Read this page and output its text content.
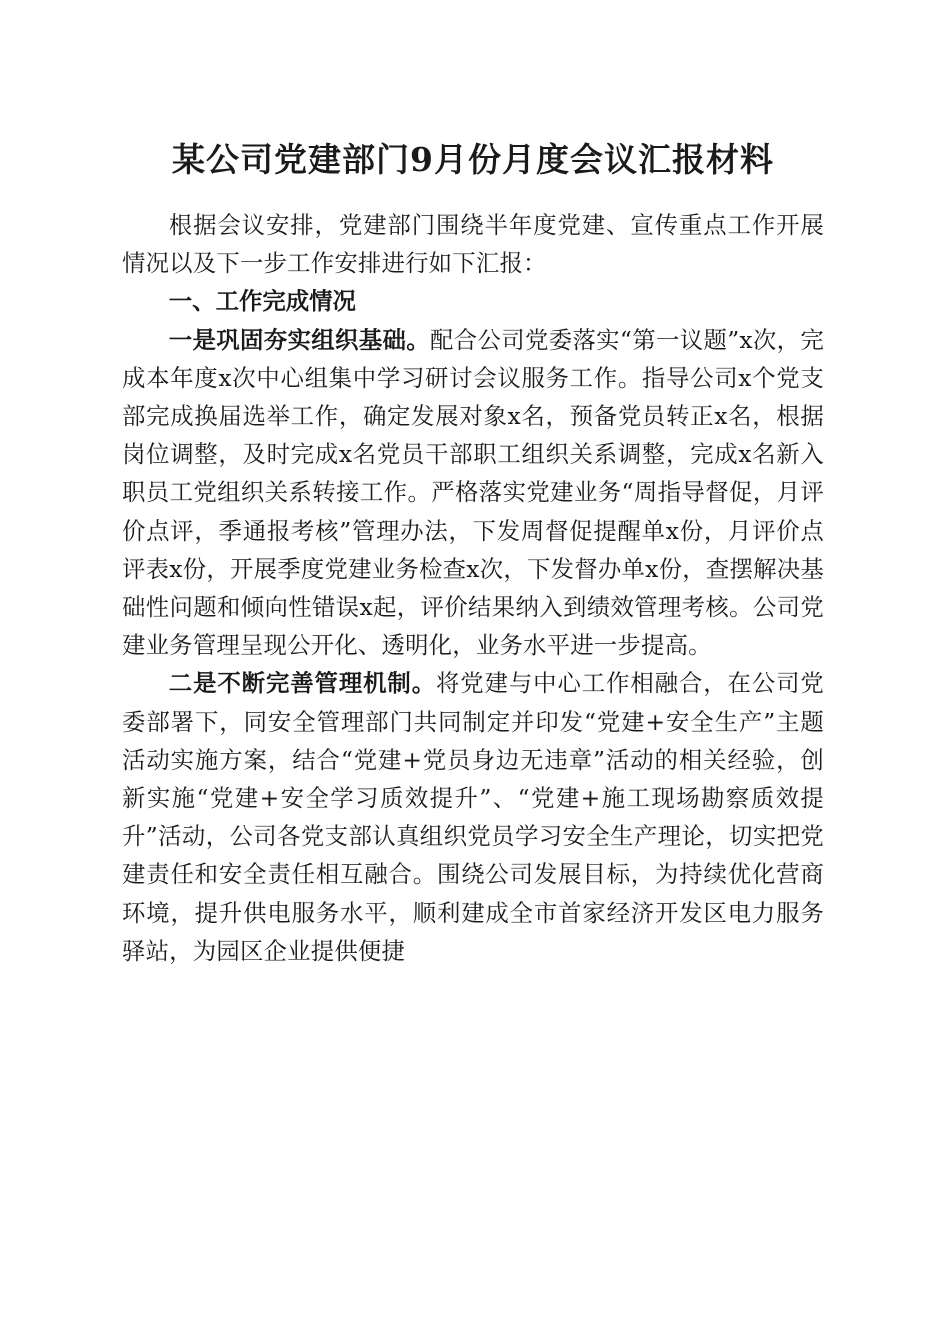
某公司党建部门9月份月度会议汇报材料

根据会议安排，党建部门围绕半年度党建、宣传重点工作开展情况以及下一步工作安排进行如下汇报：

一、工作完成情况

一是巩固夯实组织基础。配合公司党委落实“第一议题”x次，完成本年度x次中心组集中学习研讨会议服务工作。指导公司x个党支部完成换届选举工作，确定发展对象x名，预备党员转正x名，根据岗位调整，及时完成x名党员干部职工组织关系调整，完成x名新入职员工党组织关系转接工作。严格落实党建业务“周指导督促，月评价点评，季通报考核”管理办法，下发周督促提醒单x份，月评价点评表x份，开展季度党建业务检查x次，下发督办单x份，查摆解决基础性问题和倾向性错误x起，评价结果纳入到绩效管理考核。公司党建业务管理呈现公开化、透明化，业务水平进一步提高。

二是不断完善管理机制。将党建与中心工作相融合，在公司党委部署下，同安全管理部门共同制定并印发“党建+安全生产”主题活动实施方案，结合“党建+党员身边无违章”活动的相关经验，创新实施“党建+安全学习质效提升”、“党建+施工现场勘察质效提升”活动，公司各党支部认真组织党员学习安全生产理论，切实把党建责任和安全责任相互融合。围绕公司发展目标，为持续优化营商环境，提升供电服务水平，顺利建成全市首家经济开发区电力服务驿站，为园区企业提供便捷
